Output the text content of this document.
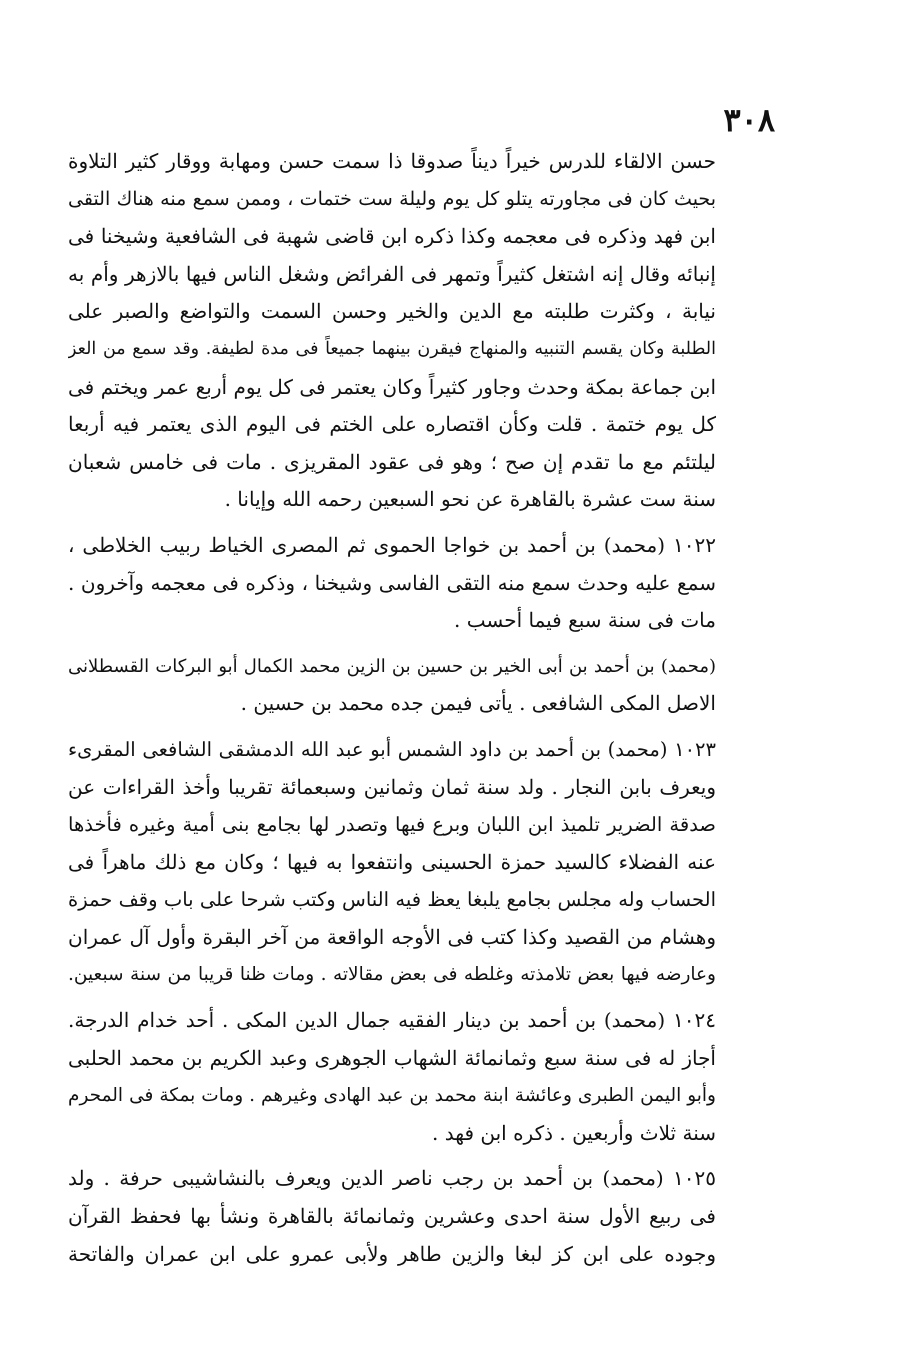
٣٠٨
حسن الالقاء للدرس خيراً ديناً صدوقا ذا سمت حسن ومهابة ووقار كثير التلاوة
بحيث كان فى مجاورته يتلو كل يوم وليلة ست ختمات ، وممن سمع منه هناك التقى
ابن فهد وذكره فى معجمه وكذا ذكره ابن قاضى شهبة فى الشافعية وشيخنا فى
إنبائه وقال إنه اشتغل كثيراً وتمهر فى الفرائض وشغل الناس فيها بالازهر وأم به
نيابة ، وكثرت طلبته مع الدين والخير وحسن السمت والتواضع والصبر على
الطلبة وكان يقسم التنبيه والمنهاج فيقرن بينهما جميعاً فى مدة لطيفة. وقد سمع من العز
ابن جماعة بمكة وحدث وجاور كثيراً وكان يعتمر فى كل يوم أربع عمر ويختم فى
كل يوم ختمة . قلت وكأن اقتصاره على الختم فى اليوم الذى يعتمر فيه أربعا
ليلتئم مع ما تقدم إن صح ؛ وهو فى عقود المقريزى . مات فى خامس شعبان
سنة ست عشرة بالقاهرة عن نحو السبعين رحمه الله وإيانا .
١٠٢٢ (محمد) بن أحمد بن خواجا الحموى ثم المصرى الخياط ربيب الخلاطى ،
سمع عليه وحدث سمع منه التقى الفاسى وشيخنا ، وذكره فى معجمه وآخرون .
مات فى سنة سبع فيما أحسب .
(محمد) بن أحمد بن أبى الخير بن حسين بن الزين محمد الكمال أبو البركات القسطلانى
الاصل المكى الشافعى . يأتى فيمن جده محمد بن حسين .
١٠٢٣ (محمد) بن أحمد بن داود الشمس أبو عبد الله الدمشقى الشافعى المقرىء
ويعرف بابن النجار . ولد سنة ثمان وثمانين وسبعمائة تقريبا وأخذ القراءات عن
صدقة الضرير تلميذ ابن اللبان وبرع فيها وتصدر لها بجامع بنى أمية وغيره فأخذها
عنه الفضلاء كالسيد حمزة الحسينى وانتفعوا به فيها ؛ وكان مع ذلك ماهراً فى
الحساب وله مجلس بجامع يلبغا يعظ فيه الناس وكتب شرحا على باب وقف حمزة
وهشام من القصيد وكذا كتب فى الأوجه الواقعة من آخر البقرة وأول آل عمران
وعارضه فيها بعض تلامذته وغلطه فى بعض مقالاته . ومات ظنا قريبا من سنة سبعين.
١٠٢٤ (محمد) بن أحمد بن دينار الفقيه جمال الدين المكى . أحد خدام الدرجة.
أجاز له فى سنة سبع وثمانمائة الشهاب الجوهرى وعبد الكريم بن محمد الحلبى
وأبو اليمن الطبرى وعائشة ابنة محمد بن عبد الهادى وغيرهم . ومات بمكة فى المحرم
سنة ثلاث وأربعين . ذكره ابن فهد .
١٠٢٥ (محمد) بن أحمد بن رجب ناصر الدين ويعرف بالنشاشيبى حرفة . ولد
فى ربيع الأول سنة احدى وعشرين وثمانمائة بالقاهرة ونشأ بها فحفظ القرآن
وجوده على ابن كز لبغا والزين طاهر ولأبى عمرو على ابن عمران والفاتحة
